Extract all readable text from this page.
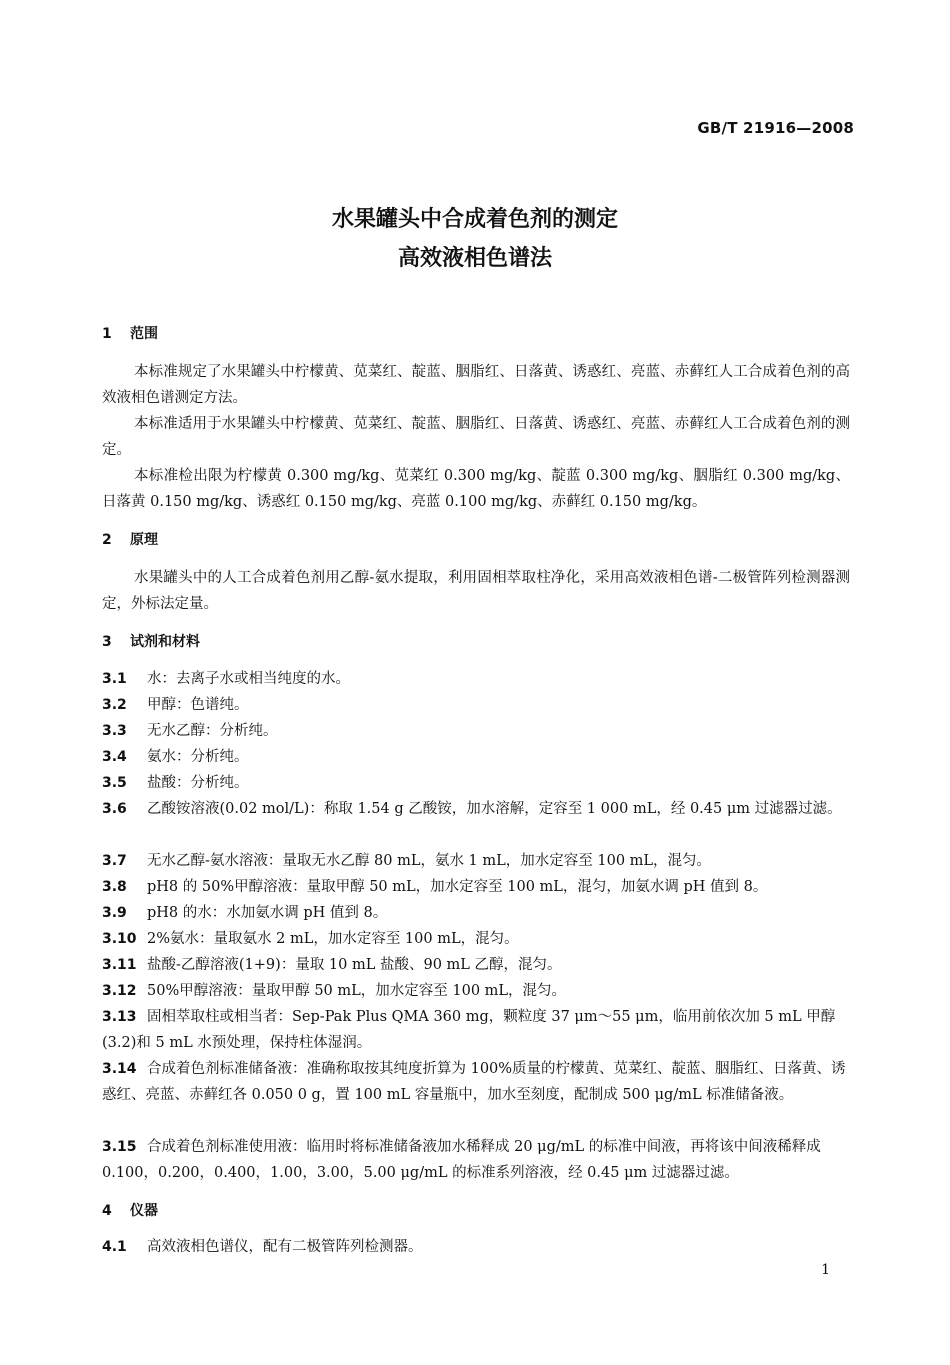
GB/T 21916—2008
水果罐头中合成着色剂的测定
高效液相色谱法
1 范围
本标准规定了水果罐头中柠檬黄、苋菜红、靛蓝、胭脂红、日落黄、诱惑红、亮蓝、赤藓红人工合成着色剂的高效液相色谱测定方法。
本标准适用于水果罐头中柠檬黄、苋菜红、靛蓝、胭脂红、日落黄、诱惑红、亮蓝、赤藓红人工合成着色剂的测定。
本标准检出限为柠檬黄 0.300 mg/kg、苋菜红 0.300 mg/kg、靛蓝 0.300 mg/kg、胭脂红 0.300 mg/kg、日落黄 0.150 mg/kg、诱惑红 0.150 mg/kg、亮蓝 0.100 mg/kg、赤藓红 0.150 mg/kg。
2 原理
水果罐头中的人工合成着色剂用乙醇-氨水提取，利用固相萃取柱净化，采用高效液相色谱-二极管阵列检测器测定，外标法定量。
3 试剂和材料
3.1 水：去离子水或相当纯度的水。
3.2 甲醇：色谱纯。
3.3 无水乙醇：分析纯。
3.4 氨水：分析纯。
3.5 盐酸：分析纯。
3.6 乙酸铵溶液(0.02 mol/L)：称取 1.54 g 乙酸铵，加水溶解，定容至 1 000 mL，经 0.45 μm 过滤器过滤。
3.7 无水乙醇-氨水溶液：量取无水乙醇 80 mL，氨水 1 mL，加水定容至 100 mL，混匀。
3.8 pH8 的 50%甲醇溶液：量取甲醇 50 mL，加水定容至 100 mL，混匀，加氨水调 pH 值到 8。
3.9 pH8 的水：水加氨水调 pH 值到 8。
3.10 2%氨水：量取氨水 2 mL，加水定容至 100 mL，混匀。
3.11 盐酸-乙醇溶液(1+9)：量取 10 mL 盐酸、90 mL 乙醇，混匀。
3.12 50%甲醇溶液：量取甲醇 50 mL，加水定容至 100 mL，混匀。
3.13 固相萃取柱或相当者：Sep-Pak Plus QMA 360 mg，颗粒度 37 μm～55 μm，临用前依次加 5 mL 甲醇(3.2)和 5 mL 水预处理，保持柱体湿润。
3.14 合成着色剂标准储备液：准确称取按其纯度折算为 100%质量的柠檬黄、苋菜红、靛蓝、胭脂红、日落黄、诱惑红、亮蓝、赤藓红各 0.050 0 g，置 100 mL 容量瓶中，加水至刻度，配制成 500 μg/mL 标准储备液。
3.15 合成着色剂标准使用液：临用时将标准储备液加水稀释成 20 μg/mL 的标准中间液，再将该中间液稀释成 0.100，0.200，0.400，1.00，3.00，5.00 μg/mL 的标准系列溶液，经 0.45 μm 过滤器过滤。
4 仪器
4.1 高效液相色谱仪，配有二极管阵列检测器。
1
